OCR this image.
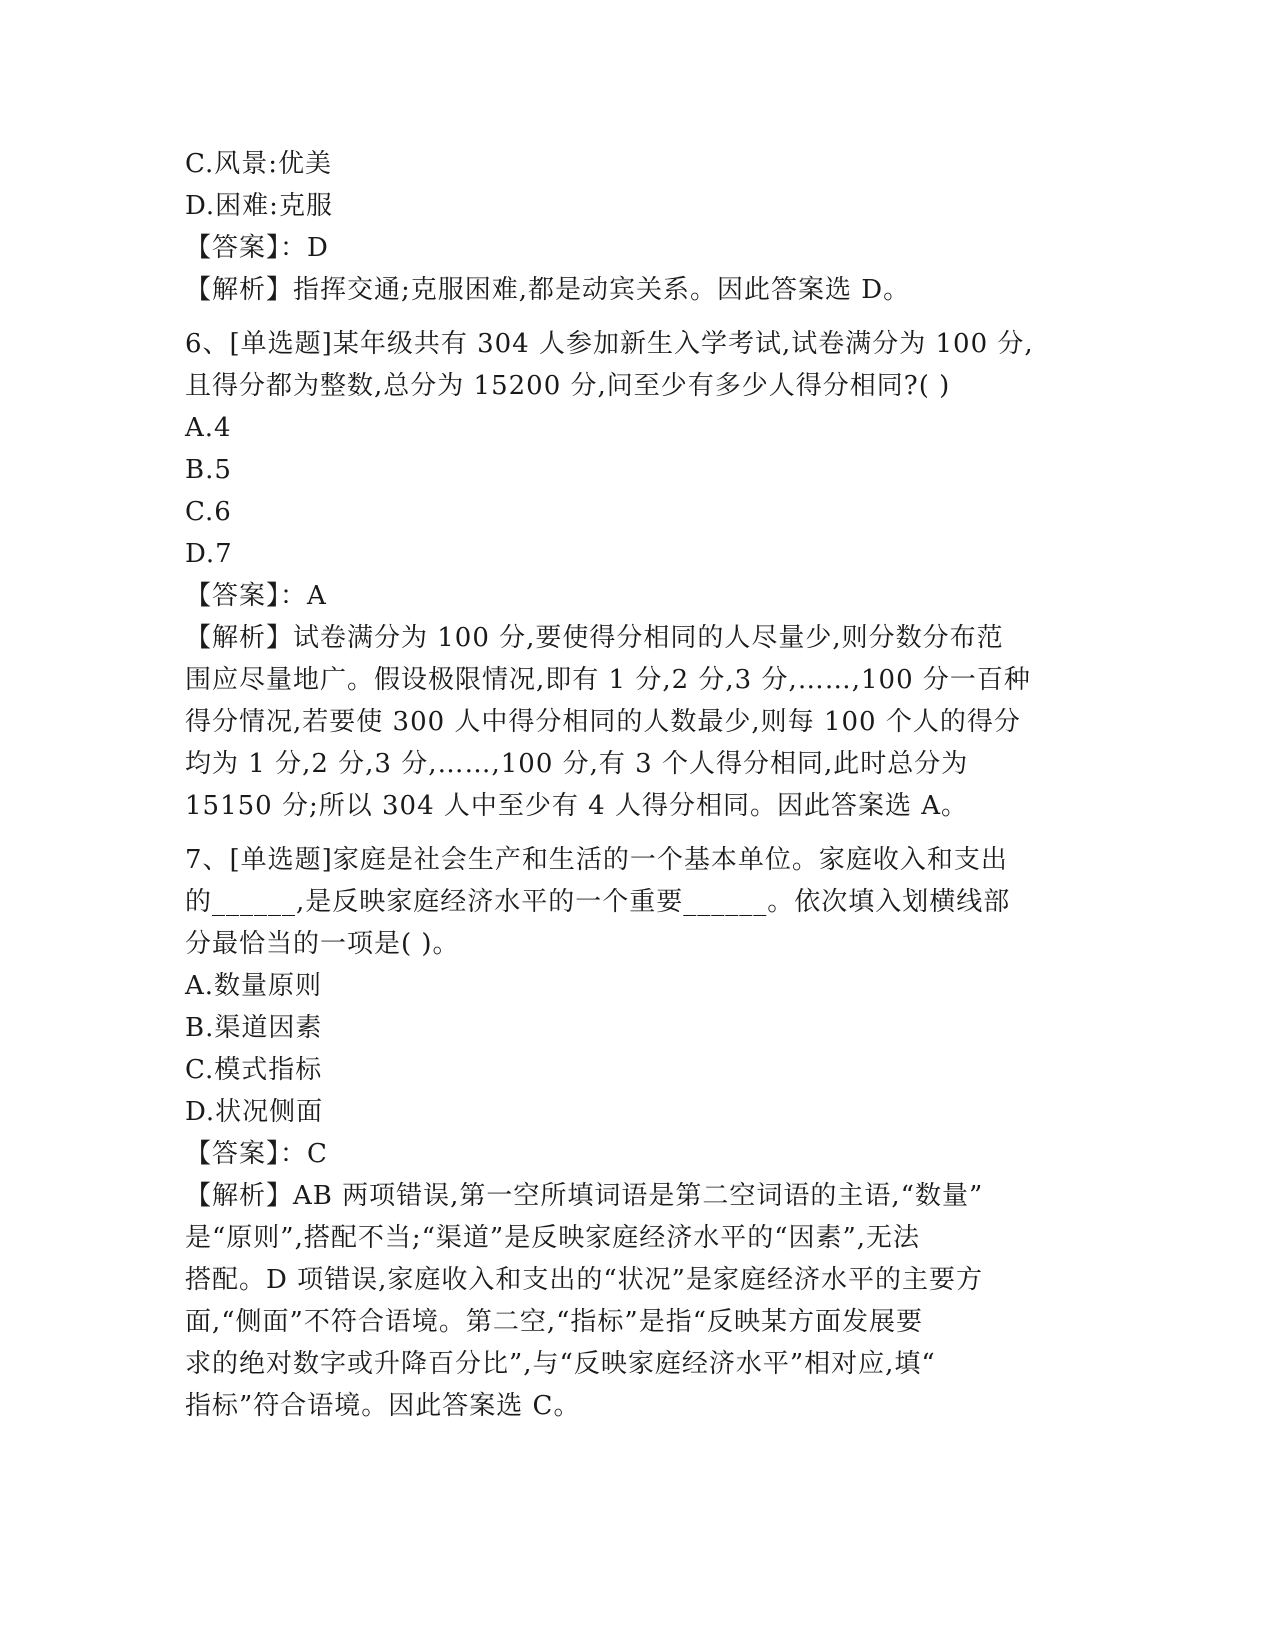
C.风景:优美
D.困难:克服
【答案】：D
【解析】指挥交通;克服困难,都是动宾关系。因此答案选 D。
6、[单选题]某年级共有 304 人参加新生入学考试,试卷满分为 100 分,
且得分都为整数,总分为 15200 分,问至少有多少人得分相同?( )
A.4
B.5
C.6
D.7
【答案】：A
【解析】试卷满分为 100 分,要使得分相同的人尽量少,则分数分布范
围应尽量地广。假设极限情况,即有 1 分,2 分,3 分,……,100 分一百种
得分情况,若要使 300 人中得分相同的人数最少,则每 100 个人的得分
均为 1 分,2 分,3 分,……,100 分,有 3 个人得分相同,此时总分为
15150 分;所以 304 人中至少有 4 人得分相同。因此答案选 A。
7、[单选题]家庭是社会生产和生活的一个基本单位。家庭收入和支出
的______,是反映家庭经济水平的一个重要______。依次填入划横线部
分最恰当的一项是( )。
A.数量原则
B.渠道因素
C.模式指标
D.状况侧面
【答案】：C
【解析】AB 两项错误,第一空所填词语是第二空词语的主语,“数量”
是“原则”,搭配不当;“渠道”是反映家庭经济水平的“因素”,无法
搭配。D 项错误,家庭收入和支出的“状况”是家庭经济水平的主要方
面,“侧面”不符合语境。第二空,“指标”是指“反映某方面发展要
求的绝对数字或升降百分比”,与“反映家庭经济水平”相对应,填“
指标”符合语境。因此答案选 C。
